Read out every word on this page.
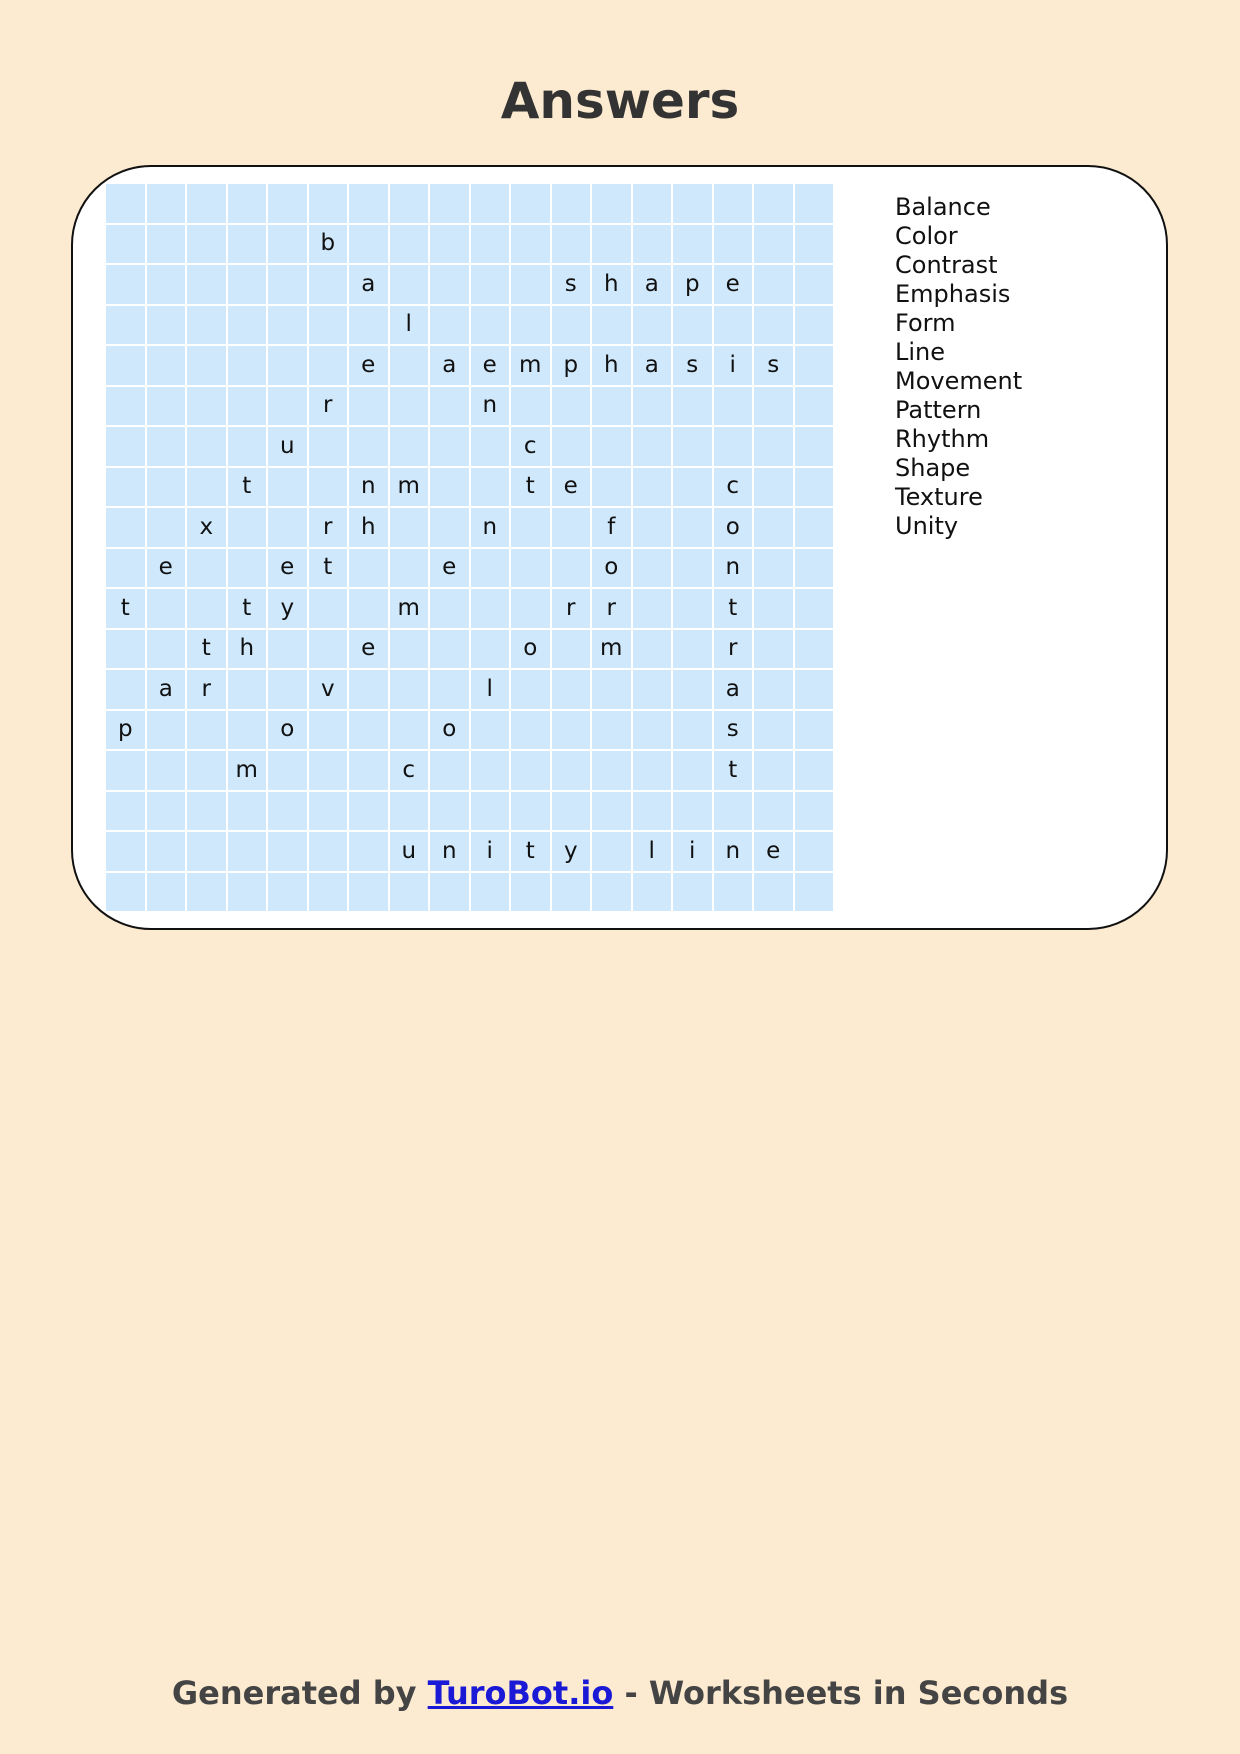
Answers
b
a	s	h	a	p	e
l
e	a	e m p	h	a	s	i	s
r	n
u	c
t	n m	t	e	c
x	r	h	n	f	o
e	e	t	e	o	n
t	t	y	m	r	r	t
t	h	e	o	m	r
a	r	v	l	a
p	o	o	s
m	c	t
u	n	i	t	y	l	i	n	e
Balance
Color
Contrast
Emphasis
Form
Line
Movement
Pattern
Rhythm
Shape
Texture
Unity
Generated by TuroBot.io - Worksheets in Seconds
